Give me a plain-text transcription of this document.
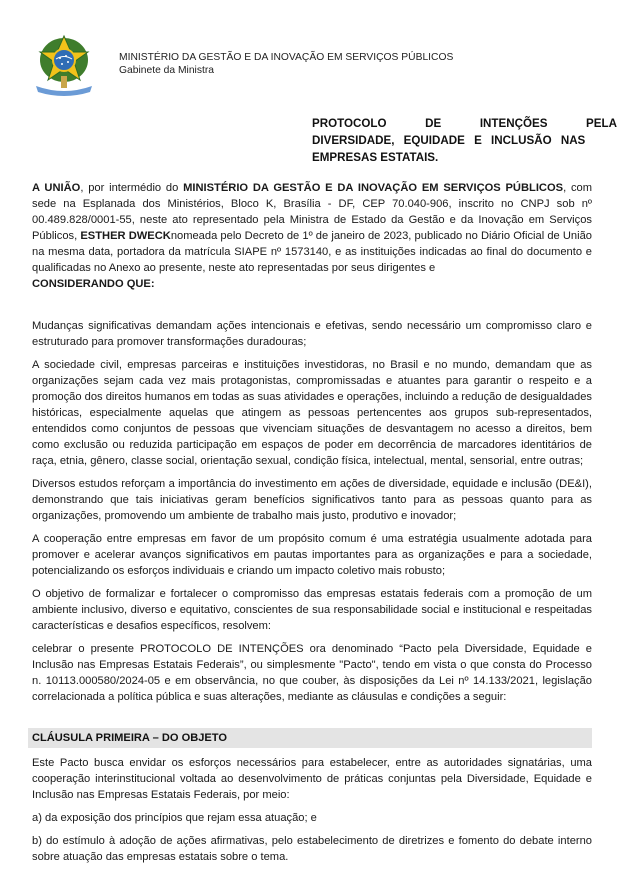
MINISTÉRIO DA GESTÃO E DA INOVAÇÃO EM SERVIÇOS PÚBLICOS
Gabinete da Ministra
PROTOCOLO	DE	INTENÇÕES	PELA
DIVERSIDADE, EQUIDADE E INCLUSÃO NAS
EMPRESAS ESTATAIS.

A UNIÃO, por intermédio do MINISTÉRIO DA GESTÃO E DA INOVAÇÃO EM SERVIÇOS PÚBLICOS, com sede na Esplanada dos Ministérios, Bloco K, Brasília - DF, CEP 70.040-906, inscrito no CNPJ sob nº 00.489.828/0001-55, neste ato representado pela Ministra de Estado da Gestão e da Inovação em Serviços Públicos, ESTHER DWECKnomeada pelo Decreto de 1º de janeiro de 2023, publicado no Diário Oficial de União na mesma data, portadora da matrícula SIAPE nº 1573140, e as instituições indicadas ao final do documento e qualificadas no Anexo ao presente, neste ato representadas por seus dirigentes e
CONSIDERANDO QUE:

Mudanças significativas demandam ações intencionais e efetivas, sendo necessário um compromisso claro e estruturado para promover transformações duradouras;

A sociedade civil, empresas parceiras e instituições investidoras, no Brasil e no mundo, demandam que as organizações sejam cada vez mais protagonistas, compromissadas e atuantes para garantir o respeito e a promoção dos direitos humanos em todas as suas atividades e operações, incluindo a redução de desigualdades históricas, especialmente aquelas que atingem as pessoas pertencentes aos grupos sub-representados, entendidos como conjuntos de pessoas que vivenciam situações de desvantagem no acesso a direitos, bem como exclusão ou reduzida participação em espaços de poder em decorrência de marcadores identitários de raça, etnia, gênero, classe social, orientação sexual, condição física, intelectual, mental, sensorial, entre outras;

Diversos estudos reforçam a importância do investimento em ações de diversidade, equidade e inclusão (DE&I), demonstrando que tais iniciativas geram benefícios significativos tanto para as pessoas quanto para as organizações, promovendo um ambiente de trabalho mais justo, produtivo e inovador;

A cooperação entre empresas em favor de um propósito comum é uma estratégia usualmente adotada para promover e acelerar avanços significativos em pautas importantes para as organizações e para a sociedade, potencializando os esforços individuais e criando um impacto coletivo mais robusto;

O objetivo de formalizar e fortalecer o compromisso das empresas estatais federais com a promoção de um ambiente inclusivo, diverso e equitativo, conscientes de sua responsabilidade social e institucional e respeitadas características e desafios específicos, resolvem:

celebrar o presente PROTOCOLO DE INTENÇÕES ora denominado “Pacto pela Diversidade, Equidade e Inclusão nas Empresas Estatais Federais”, ou simplesmente "Pacto", tendo em vista o que consta do Processo n. 10113.000580/2024-05 e em observância, no que couber, às disposições da Lei nº 14.133/2021, legislação correlacionada a política pública e suas alterações, mediante as cláusulas e condições a seguir:

CLÁUSULA PRIMEIRA – DO OBJETO

Este Pacto busca envidar os esforços necessários para estabelecer, entre as autoridades signatárias, uma cooperação interinstitucional voltada ao desenvolvimento de práticas conjuntas pela Diversidade, Equidade e Inclusão nas Empresas Estatais Federais, por meio:

a) da exposição dos princípios que rejam essa atuação; e

b) do estímulo à adoção de ações afirmativas, pelo estabelecimento de diretrizes e fomento do debate interno sobre atuação das empresas estatais sobre o tema.
